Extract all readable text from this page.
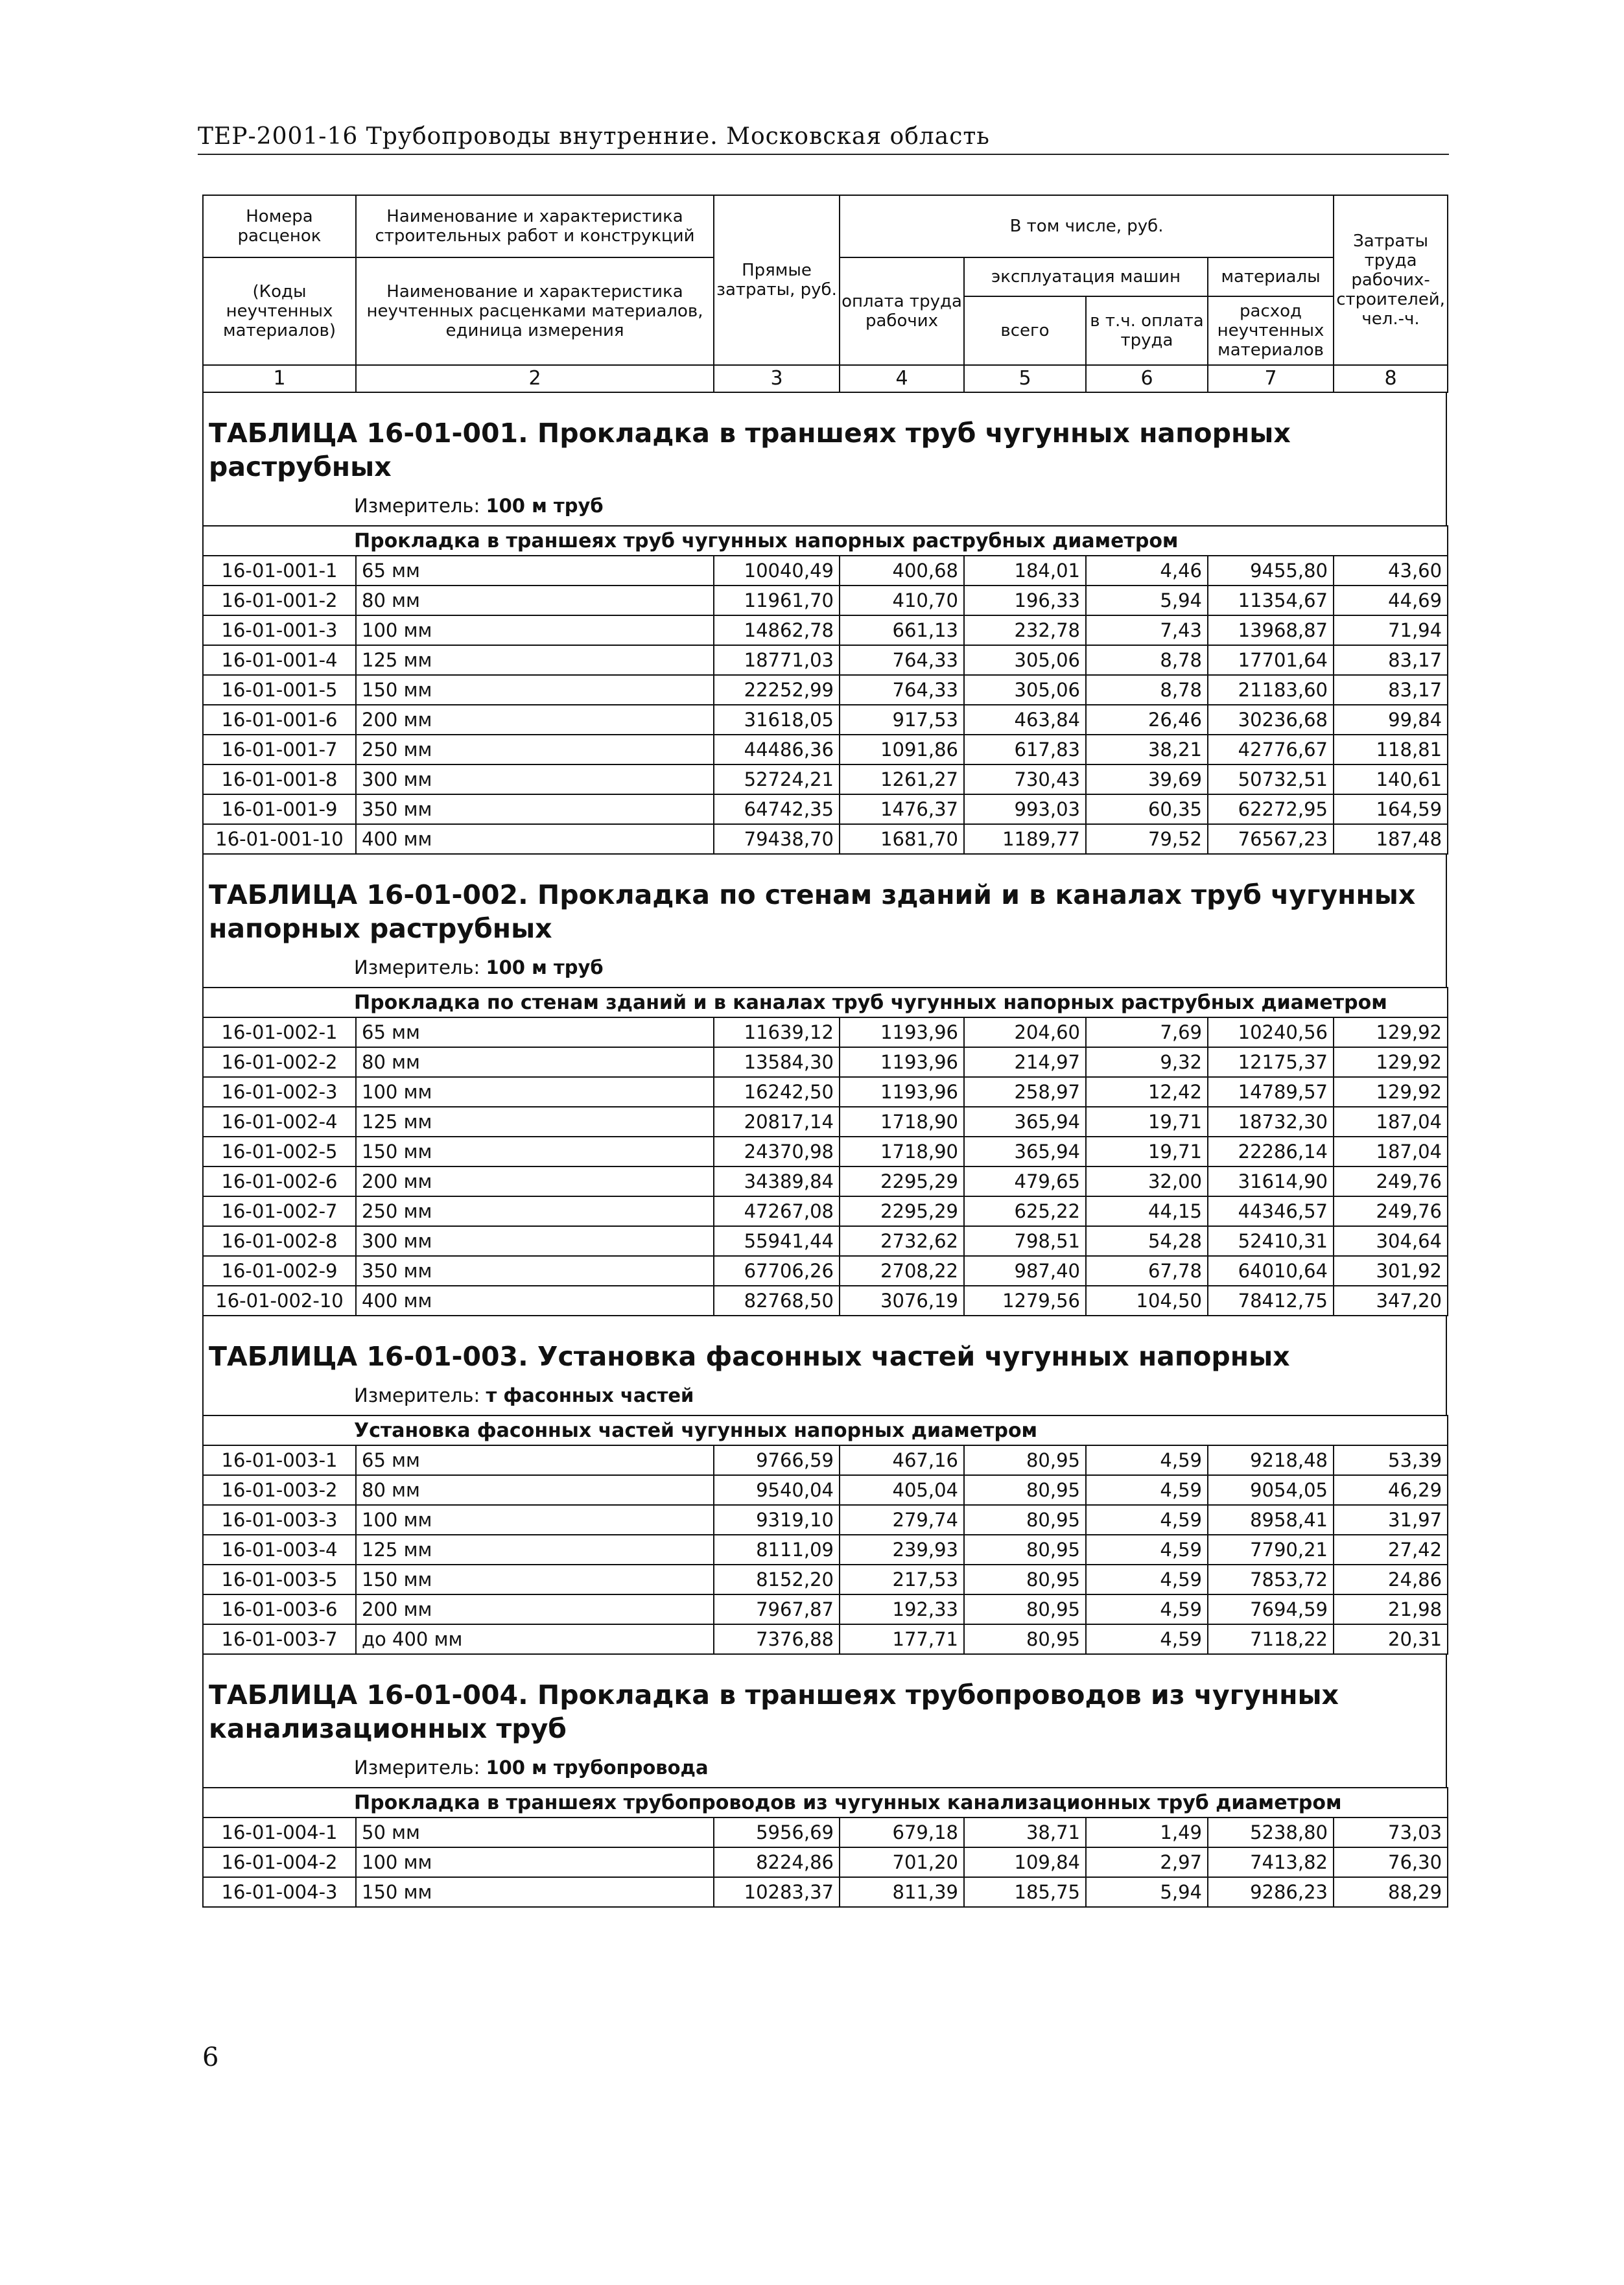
ТЕР-2001-16 Трубопроводы внутренние. Московская область
Номера расценок	Наименование и характеристика строительных работ и конструкций	Прямые затраты, руб.	В том числе, руб.				Затраты труда рабочих-строителей, чел.-ч.
(Коды неучтенных материалов)	Наименование и характеристика неучтенных расценками материалов, единица измерения		оплата труда рабочих	эксплуатация машин		материалы	
				всего	в т.ч. оплата труда	расход неучтенных материалов	
1	2	3	4	5	6	7	8
ТАБЛИЦА 16-01-001. Прокладка в траншеях труб чугунных напорных раструбных
Измеритель: 100 м труб
Прокладка в траншеях труб чугунных напорных раструбных диаметром							
16-01-001-1	65 мм	10040,49	400,68	184,01	4,46	9455,80	43,60
16-01-001-2	80 мм	11961,70	410,70	196,33	5,94	11354,67	44,69
16-01-001-3	100 мм	14862,78	661,13	232,78	7,43	13968,87	71,94
16-01-001-4	125 мм	18771,03	764,33	305,06	8,78	17701,64	83,17
16-01-001-5	150 мм	22252,99	764,33	305,06	8,78	21183,60	83,17
16-01-001-6	200 мм	31618,05	917,53	463,84	26,46	30236,68	99,84
16-01-001-7	250 мм	44486,36	1091,86	617,83	38,21	42776,67	118,81
16-01-001-8	300 мм	52724,21	1261,27	730,43	39,69	50732,51	140,61
16-01-001-9	350 мм	64742,35	1476,37	993,03	60,35	62272,95	164,59
16-01-001-10	400 мм	79438,70	1681,70	1189,77	79,52	76567,23	187,48
ТАБЛИЦА 16-01-002. Прокладка по стенам зданий и в каналах труб чугунных напорных раструбных
Измеритель: 100 м труб
Прокладка по стенам зданий и в каналах труб чугунных напорных раструбных диаметром							
16-01-002-1	65 мм	11639,12	1193,96	204,60	7,69	10240,56	129,92
16-01-002-2	80 мм	13584,30	1193,96	214,97	9,32	12175,37	129,92
16-01-002-3	100 мм	16242,50	1193,96	258,97	12,42	14789,57	129,92
16-01-002-4	125 мм	20817,14	1718,90	365,94	19,71	18732,30	187,04
16-01-002-5	150 мм	24370,98	1718,90	365,94	19,71	22286,14	187,04
16-01-002-6	200 мм	34389,84	2295,29	479,65	32,00	31614,90	249,76
16-01-002-7	250 мм	47267,08	2295,29	625,22	44,15	44346,57	249,76
16-01-002-8	300 мм	55941,44	2732,62	798,51	54,28	52410,31	304,64
16-01-002-9	350 мм	67706,26	2708,22	987,40	67,78	64010,64	301,92
16-01-002-10	400 мм	82768,50	3076,19	1279,56	104,50	78412,75	347,20
ТАБЛИЦА 16-01-003. Установка фасонных частей чугунных напорных
Измеритель: т фасонных частей
Установка фасонных частей чугунных напорных диаметром							
16-01-003-1	65 мм	9766,59	467,16	80,95	4,59	9218,48	53,39
16-01-003-2	80 мм	9540,04	405,04	80,95	4,59	9054,05	46,29
16-01-003-3	100 мм	9319,10	279,74	80,95	4,59	8958,41	31,97
16-01-003-4	125 мм	8111,09	239,93	80,95	4,59	7790,21	27,42
16-01-003-5	150 мм	8152,20	217,53	80,95	4,59	7853,72	24,86
16-01-003-6	200 мм	7967,87	192,33	80,95	4,59	7694,59	21,98
16-01-003-7	до 400 мм	7376,88	177,71	80,95	4,59	7118,22	20,31
ТАБЛИЦА 16-01-004. Прокладка в траншеях трубопроводов из чугунных канализационных труб
Измеритель: 100 м трубопровода
Прокладка в траншеях трубопроводов из чугунных канализационных труб диаметром							
16-01-004-1	50 мм	5956,69	679,18	38,71	1,49	5238,80	73,03
16-01-004-2	100 мм	8224,86	701,20	109,84	2,97	7413,82	76,30
16-01-004-3	150 мм	10283,37	811,39	185,75	5,94	9286,23	88,29
6
